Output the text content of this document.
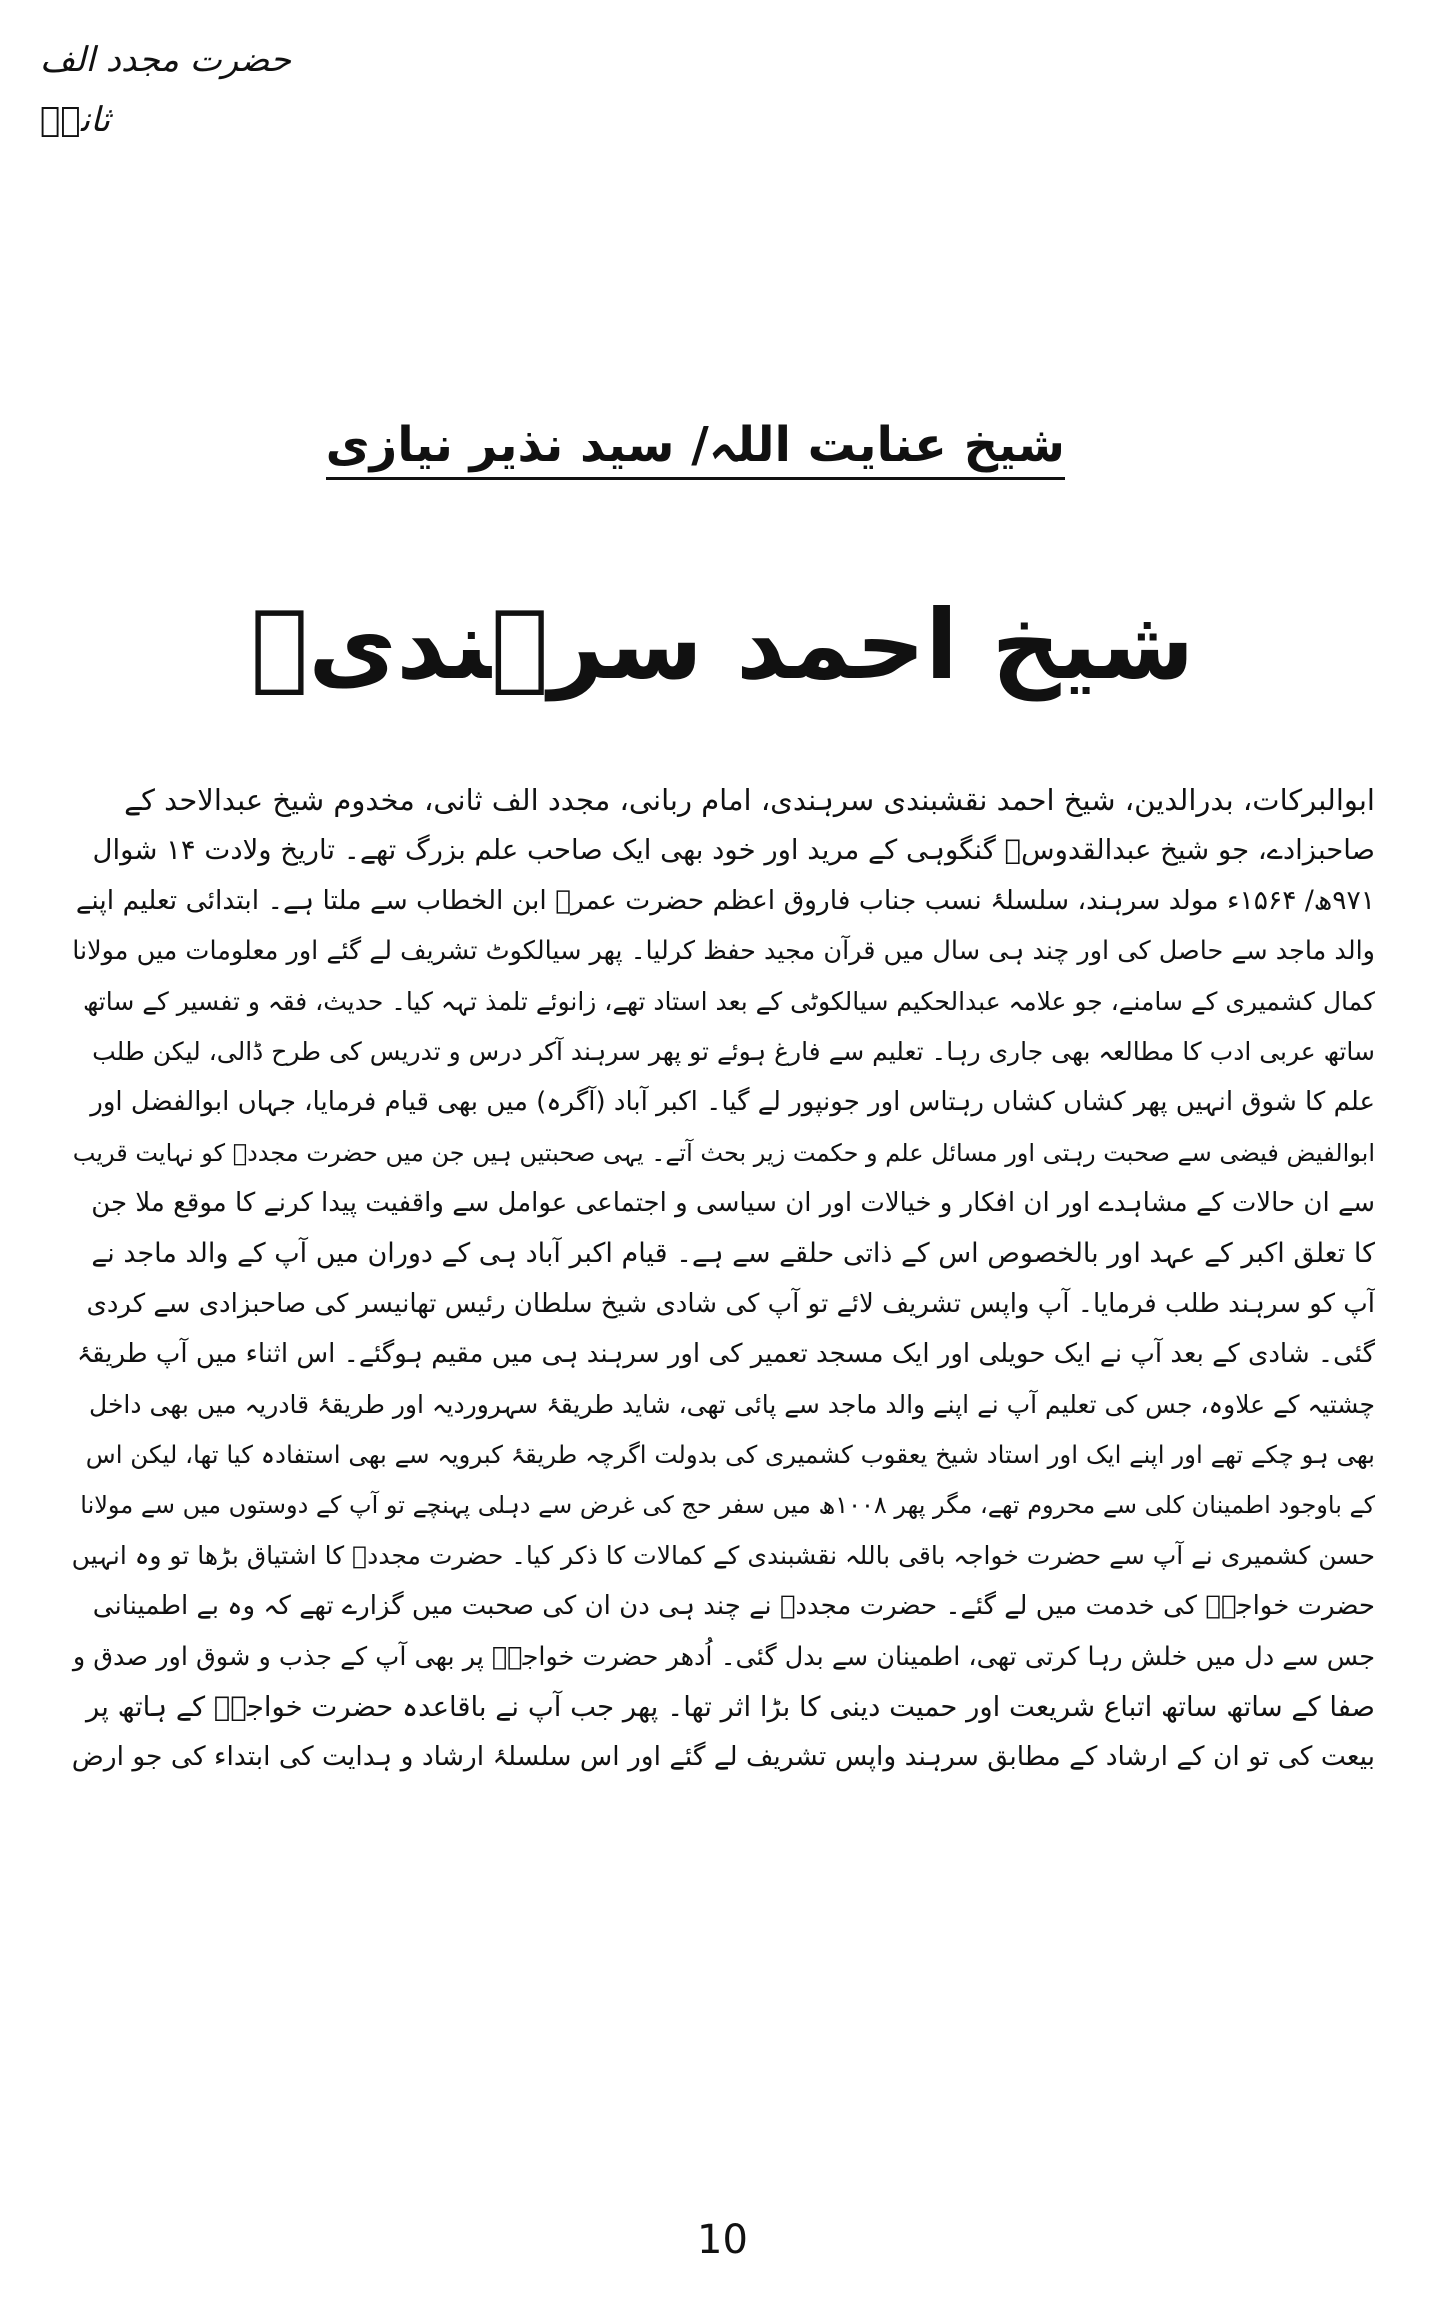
حضرت مجدد الف ثانیؒ
شیخ عنایت اللہ/ سید نذیر نیازی
شیخ احمد سرہندیؒ
ابوالبرکات، بدرالدین، شیخ احمد نقشبندی سرہندی، امام ربانی، مجدد الف ثانی، مخدوم شیخ عبدالاحد کے
صاحبزادے، جو شیخ عبدالقدوسؒ گنگوہی کے مرید اور خود بھی ایک صاحب علم بزرگ تھے۔ تاریخ ولادت ۱۴ شوال
۹۷۱ھ/ ۱۵۶۴ء مولد سرہند، سلسلۂ نسب جناب فاروق اعظم حضرت عمرؓ ابن الخطاب سے ملتا ہے۔ ابتدائی تعلیم اپنے
والد ماجد سے حاصل کی اور چند ہی سال میں قرآن مجید حفظ کرلیا۔ پھر سیالکوٹ تشریف لے گئے اور معلومات میں مولانا
کمال کشمیری کے سامنے، جو علامہ عبدالحکیم سیالکوٹی کے بعد استاد تھے، زانوئے تلمذ تہہ کیا۔ حدیث، فقہ و تفسیر کے ساتھ
ساتھ عربی ادب کا مطالعہ بھی جاری رہا۔ تعلیم سے فارغ ہوئے تو پھر سرہند آکر درس و تدریس کی طرح ڈالی، لیکن طلب
علم کا شوق انہیں پھر کشاں کشاں رہتاس اور جونپور لے گیا۔ اکبر آباد (آگرہ) میں بھی قیام فرمایا، جہاں ابوالفضل اور
ابوالفیض فیضی سے صحبت رہتی اور مسائل علم و حکمت زیر بحث آتے۔ یہی صحبتیں ہیں جن میں حضرت مجددؒ کو نہایت قریب
سے ان حالات کے مشاہدے اور ان افکار و خیالات اور ان سیاسی و اجتماعی عوامل سے واقفیت پیدا کرنے کا موقع ملا جن
کا تعلق اکبر کے عہد اور بالخصوص اس کے ذاتی حلقے سے ہے۔ قیام اکبر آباد ہی کے دوران میں آپ کے والد ماجد نے
آپ کو سرہند طلب فرمایا۔ آپ واپس تشریف لائے تو آپ کی شادی شیخ سلطان رئیس تھانیسر کی صاحبزادی سے کردی
گئی۔ شادی کے بعد آپ نے ایک حویلی اور ایک مسجد تعمیر کی اور سرہند ہی میں مقیم ہوگئے۔ اس اثناء میں آپ طریقۂ
چشتیہ کے علاوہ، جس کی تعلیم آپ نے اپنے والد ماجد سے پائی تھی، شاید طریقۂ سہروردیہ اور طریقۂ قادریہ میں بھی داخل
بھی ہو چکے تھے اور اپنے ایک اور استاد شیخ یعقوب کشمیری کی بدولت اگرچہ طریقۂ کبرویہ سے بھی استفادہ کیا تھا، لیکن اس
کے باوجود اطمینان کلی سے محروم تھے، مگر پھر ۱۰۰۸ھ میں سفر حج کی غرض سے دہلی پہنچے تو آپ کے دوستوں میں سے مولانا
حسن کشمیری نے آپ سے حضرت خواجہ باقی باللہ نقشبندی کے کمالات کا ذکر کیا۔ حضرت مجددؒ کا اشتیاق بڑھا تو وہ انہیں
حضرت خواجہؒ کی خدمت میں لے گئے۔ حضرت مجددؒ نے چند ہی دن ان کی صحبت میں گزارے تھے کہ وہ بے اطمینانی
جس سے دل میں خلش رہا کرتی تھی، اطمینان سے بدل گئی۔ اُدھر حضرت خواجہؒ پر بھی آپ کے جذب و شوق اور صدق و
صفا کے ساتھ ساتھ اتباع شریعت اور حمیت دینی کا بڑا اثر تھا۔ پھر جب آپ نے باقاعدہ حضرت خواجہؒ کے ہاتھ پر
بیعت کی تو ان کے ارشاد کے مطابق سرہند واپس تشریف لے گئے اور اس سلسلۂ ارشاد و ہدایت کی ابتداء کی جو ارض
10
